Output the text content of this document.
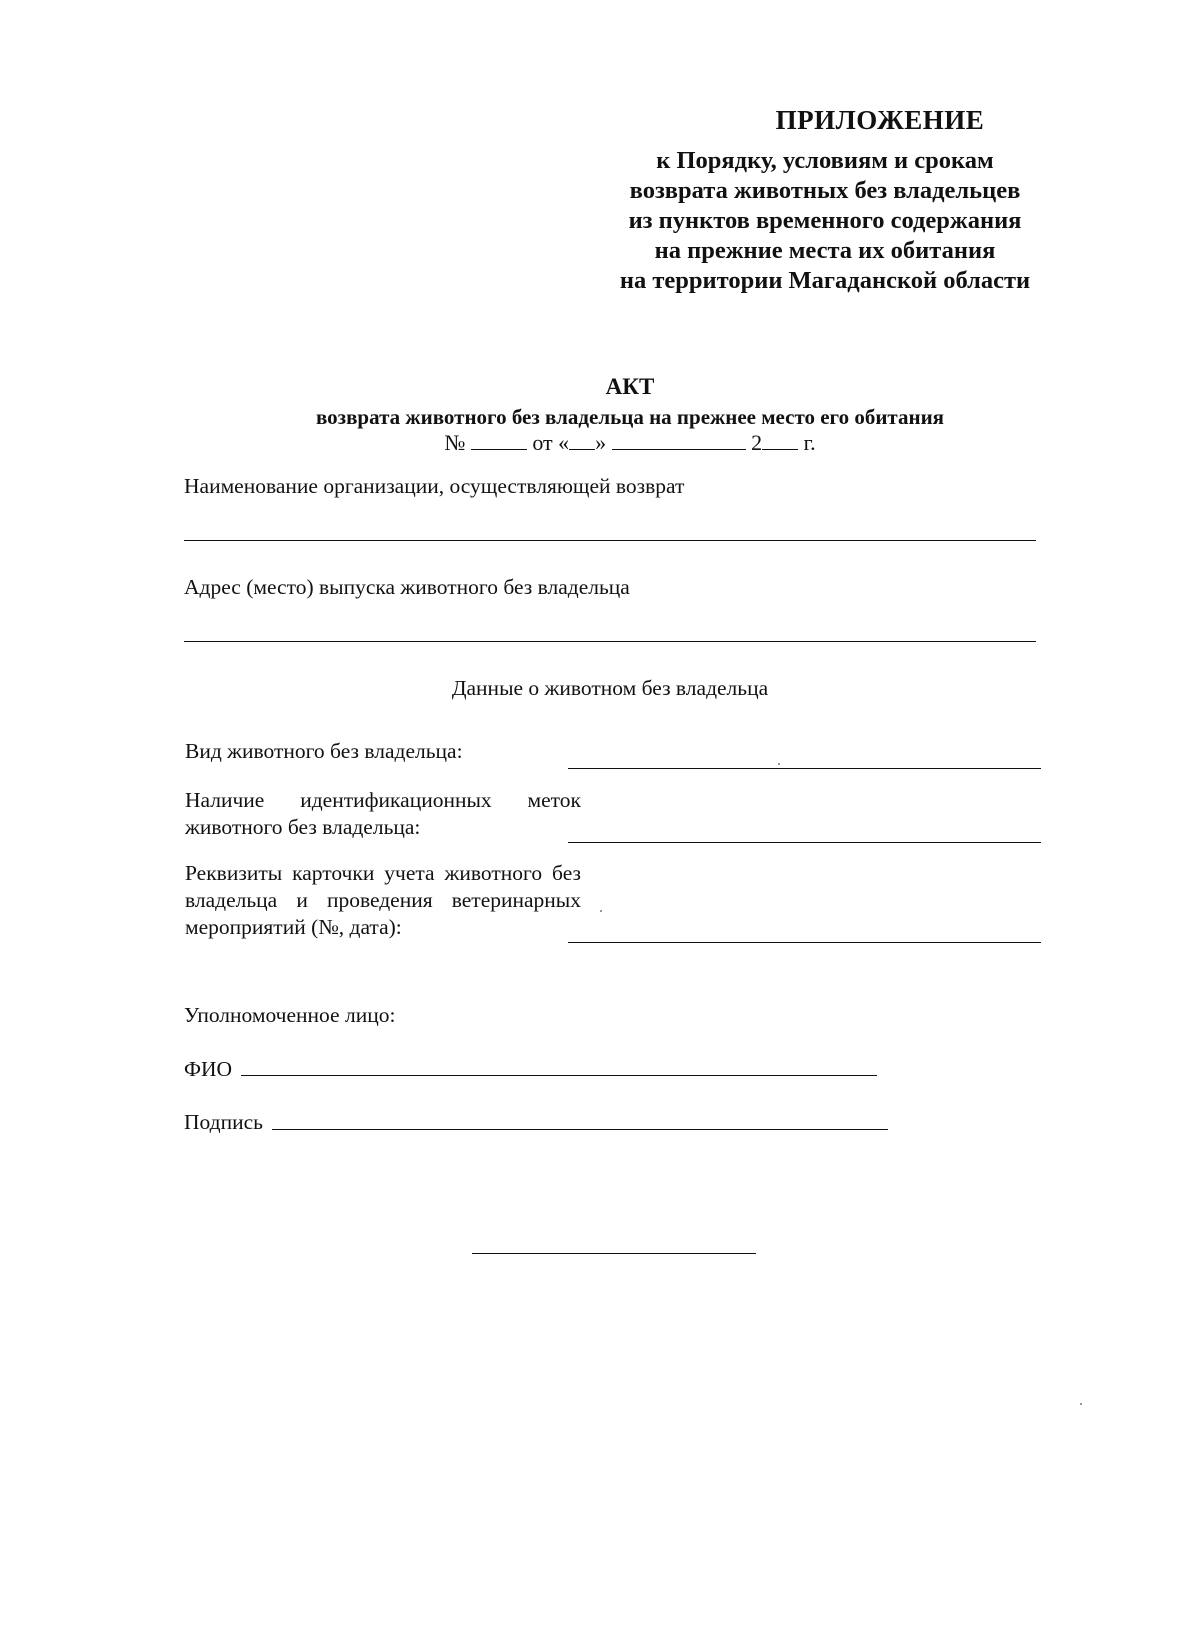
ПРИЛОЖЕНИЕ
к Порядку, условиям и срокам
возврата животных без владельцев
из пунктов временного содержания
на прежние места их обитания
на территории Магаданской области
АКТ
возврата животного без владельца на прежнее место его обитания
№	от « »	2 г.
Наименование организации, осуществляющей возврат
Адрес (место) выпуска животного без владельца
Данные о животном без владельца
Вид животного без владельца:
Наличие идентификационных меток животного без владельца:
Реквизиты карточки учета животного без владельца и проведения ветеринарных мероприятий (№, дата):
Уполномоченное лицо:
ФИО
Подпись
